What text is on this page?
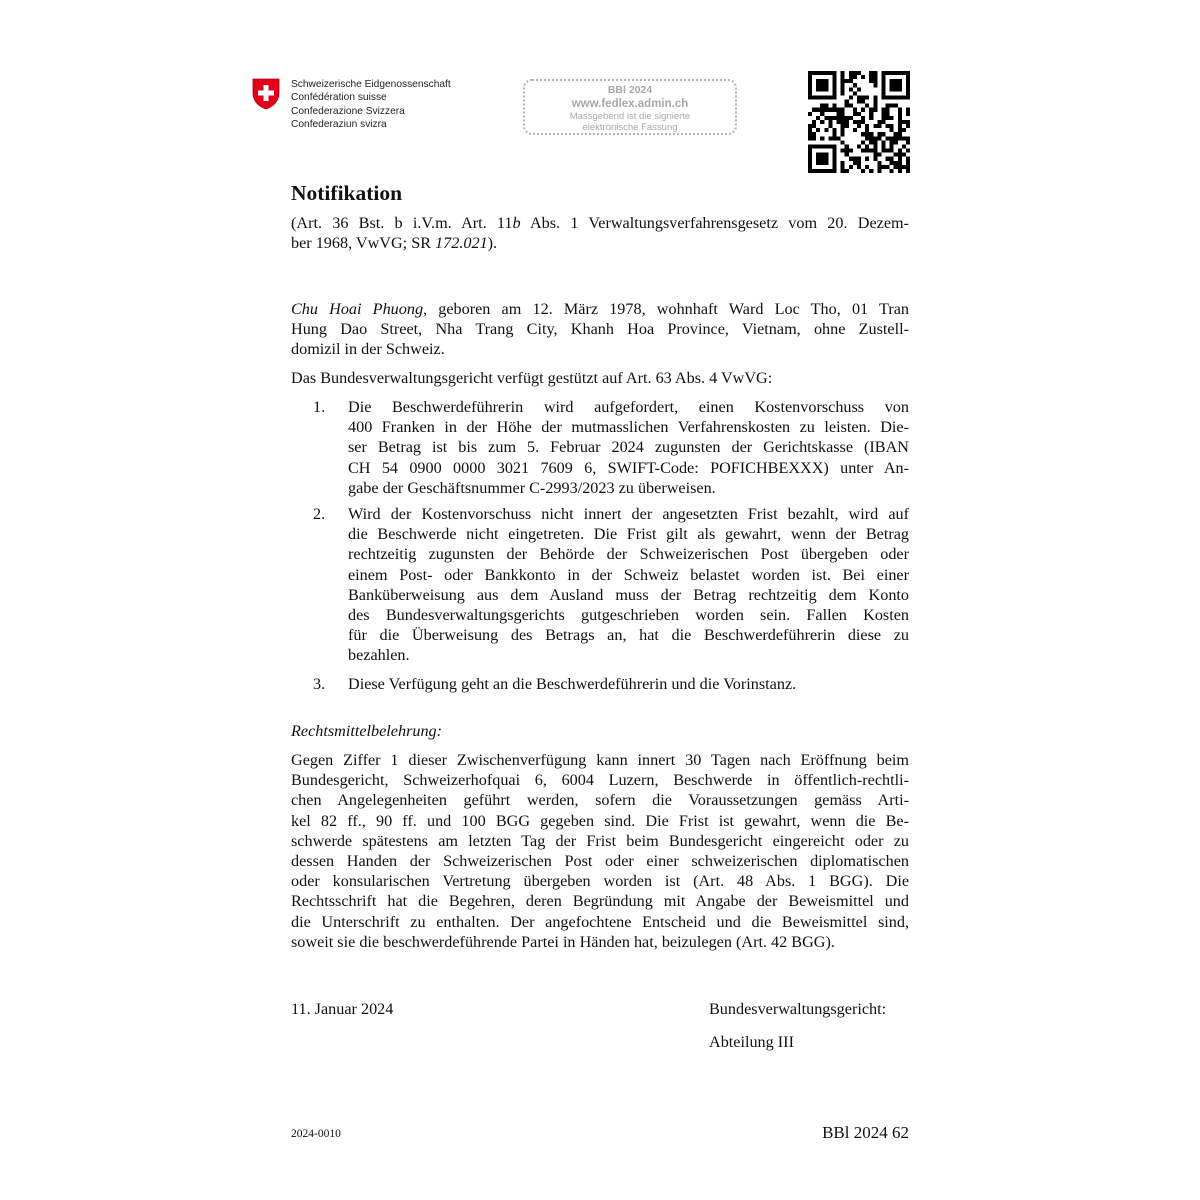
Schweizerische Eidgenossenschaft
Confédération suisse
Confederazione Svizzera
Confederaziun svizra
BBl 2024
www.fedlex.admin.ch
Massgebend ist die signierte
elektronische Fassung
Notifikation
(Art. 36 Bst. b i.V.m. Art. 11b Abs. 1 Verwaltungsverfahrensgesetz vom 20. Dezem-
ber 1968, VwVG; SR 172.021).
Chu Hoai Phuong, geboren am 12. März 1978, wohnhaft Ward Loc Tho, 01 Tran
Hung Dao Street, Nha Trang City, Khanh Hoa Province, Vietnam, ohne Zustell-
domizil in der Schweiz.
Das Bundesverwaltungsgericht verfügt gestützt auf Art. 63 Abs. 4 VwVG:
1.	Die Beschwerdeführerin wird aufgefordert, einen Kostenvorschuss von
400 Franken in der Höhe der mutmasslichen Verfahrenskosten zu leisten. Die-
ser Betrag ist bis zum 5. Februar 2024 zugunsten der Gerichtskasse (IBAN
CH 54 0900 0000 3021 7609 6, SWIFT-Code: POFICHBEXXX) unter An-
gabe der Geschäftsnummer C-2993/2023 zu überweisen.
2.	Wird der Kostenvorschuss nicht innert der angesetzten Frist bezahlt, wird auf
die Beschwerde nicht eingetreten. Die Frist gilt als gewahrt, wenn der Betrag
rechtzeitig zugunsten der Behörde der Schweizerischen Post übergeben oder
einem Post- oder Bankkonto in der Schweiz belastet worden ist. Bei einer
Banküberweisung aus dem Ausland muss der Betrag rechtzeitig dem Konto
des Bundesverwaltungsgerichts gutgeschrieben worden sein. Fallen Kosten
für die Überweisung des Betrags an, hat die Beschwerdeführerin diese zu
bezahlen.
3.	Diese Verfügung geht an die Beschwerdeführerin und die Vorinstanz.
Rechtsmittelbelehrung:
Gegen Ziffer 1 dieser Zwischenverfügung kann innert 30 Tagen nach Eröffnung beim
Bundesgericht, Schweizerhofquai 6, 6004 Luzern, Beschwerde in öffentlich-rechtli-
chen Angelegenheiten geführt werden, sofern die Voraussetzungen gemäss Arti-
kel 82 ff., 90 ff. und 100 BGG gegeben sind. Die Frist ist gewahrt, wenn die Be-
schwerde spätestens am letzten Tag der Frist beim Bundesgericht eingereicht oder zu
dessen Handen der Schweizerischen Post oder einer schweizerischen diplomatischen
oder konsularischen Vertretung übergeben worden ist (Art. 48 Abs. 1 BGG). Die
Rechtsschrift hat die Begehren, deren Begründung mit Angabe der Beweismittel und
die Unterschrift zu enthalten. Der angefochtene Entscheid und die Beweismittel sind,
soweit sie die beschwerdeführende Partei in Händen hat, beizulegen (Art. 42 BGG).
11. Januar 2024	Bundesverwaltungsgericht:
Abteilung III
2024-0010	BBl 2024 62
